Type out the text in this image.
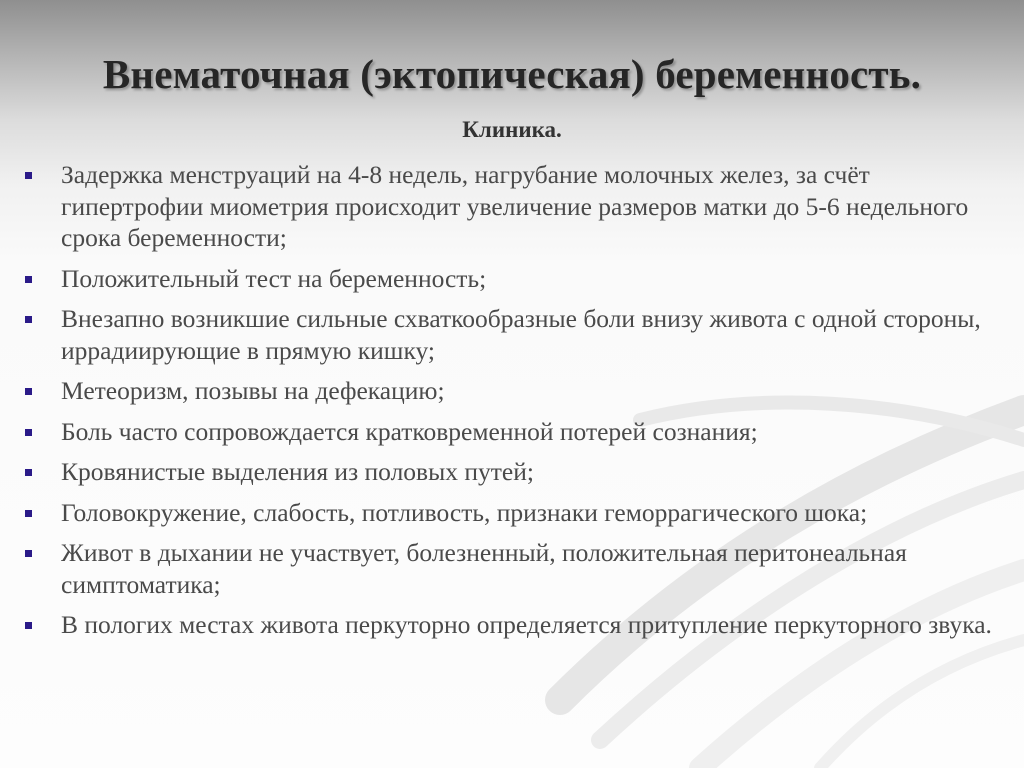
Внематочная (эктопическая) беременность.
Клиника.
Задержка менструаций на 4-8 недель, нагрубание молочных желез, за счёт гипертрофии миометрия происходит увеличение размеров матки до 5-6 недельного срока беременности;
Положительный тест на беременность;
Внезапно возникшие сильные схваткообразные боли внизу живота с одной стороны, иррадиирующие в прямую кишку;
Метеоризм, позывы на дефекацию;
Боль часто сопровождается кратковременной потерей сознания;
Кровянистые выделения из половых путей;
Головокружение, слабость, потливость, признаки геморрагического шока;
Живот в дыхании не участвует, болезненный, положительная перитонеальная симптоматика;
В пологих местах живота перкуторно определяется притупление перкуторного звука.
